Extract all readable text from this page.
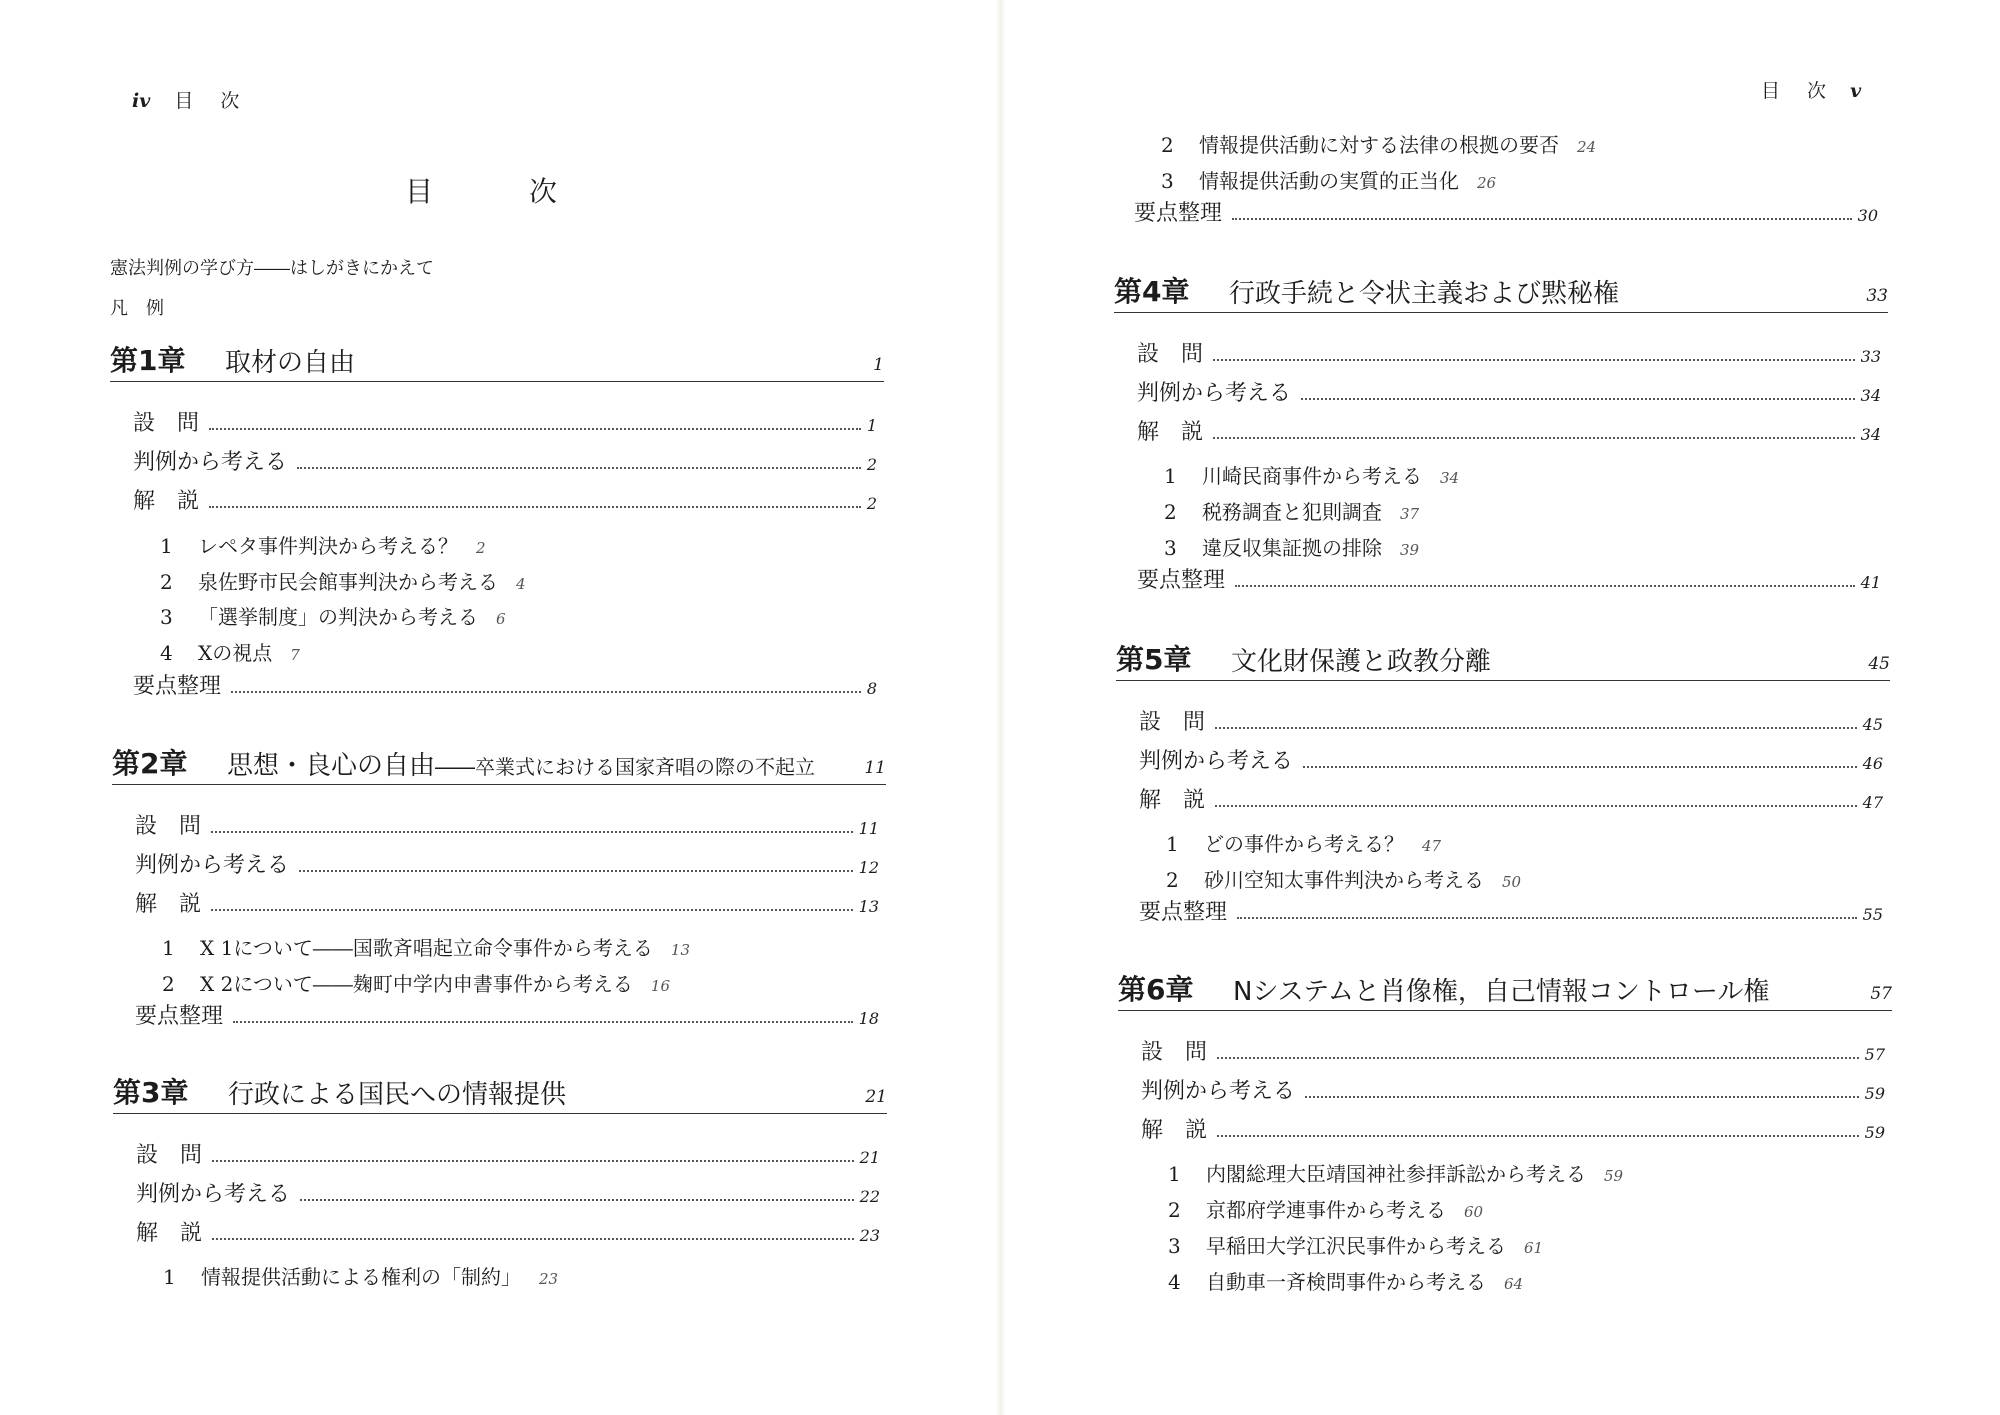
iv 目　次
目　次
憲法判例の学び方――はしがきにかえて
凡　例
第1章 取材の自由	1
設　問	1
判例から考える	2
解　説	2
1 レペタ事件判決から考える？ 2
2 泉佐野市民会館事判決から考える 4
3 「選挙制度」の判決から考える 6
4 Xの視点 7
要点整理	8
第2章 思想・良心の自由――卒業式における国家斉唱の際の不起立	11
設　問	11
判例から考える	12
解　説	13
1 X 1について――国歌斉唱起立命令事件から考える 13
2 X 2について――麹町中学内申書事件から考える 16
要点整理	18
第3章 行政による国民への情報提供	21
設　問	21
判例から考える	22
解　説	23
1 情報提供活動による権利の「制約」 23
目　次 v
2 情報提供活動に対する法律の根拠の要否 24
3 情報提供活動の実質的正当化 26
要点整理	30
第4章 行政手続と令状主義および黙秘権	33
設　問	33
判例から考える	34
解　説	34
1 川崎民商事件から考える 34
2 税務調査と犯則調査 37
3 違反収集証拠の排除 39
要点整理	41
第5章 文化財保護と政教分離	45
設　問	45
判例から考える	46
解　説	47
1 どの事件から考える？ 47
2 砂川空知太事件判決から考える 50
要点整理	55
第6章 Nシステムと肖像権，自己情報コントロール権	57
設　問	57
判例から考える	59
解　説	59
1 内閣総理大臣靖国神社参拝訴訟から考える 59
2 京都府学連事件から考える 60
3 早稲田大学江沢民事件から考える 61
4 自動車一斉検問事件から考える 64
